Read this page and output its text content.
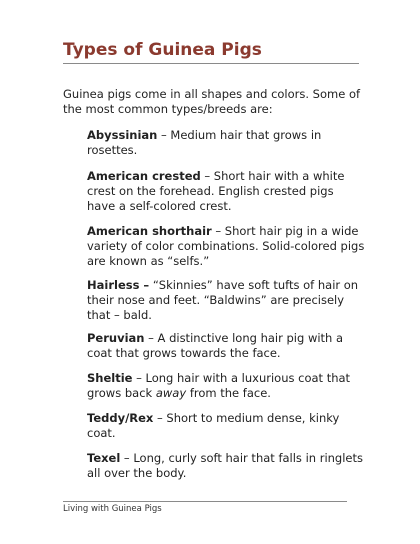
Types of Guinea Pigs

Guinea pigs come in all shapes and colors. Some of the most common types/breeds are:

Abyssinian – Medium hair that grows in rosettes.

American crested – Short hair with a white crest on the forehead. English crested pigs have a self-colored crest.

American shorthair – Short hair pig in a wide variety of color combinations. Solid-colored pigs are known as “selfs.”

Hairless – “Skinnies” have soft tufts of hair on their nose and feet. “Baldwins” are precisely that – bald.

Peruvian – A distinctive long hair pig with a coat that grows towards the face.

Sheltie – Long hair with a luxurious coat that grows back away from the face.

Teddy/Rex – Short to medium dense, kinky coat.

Texel – Long, curly soft hair that falls in ringlets all over the body.

Living with Guinea Pigs
